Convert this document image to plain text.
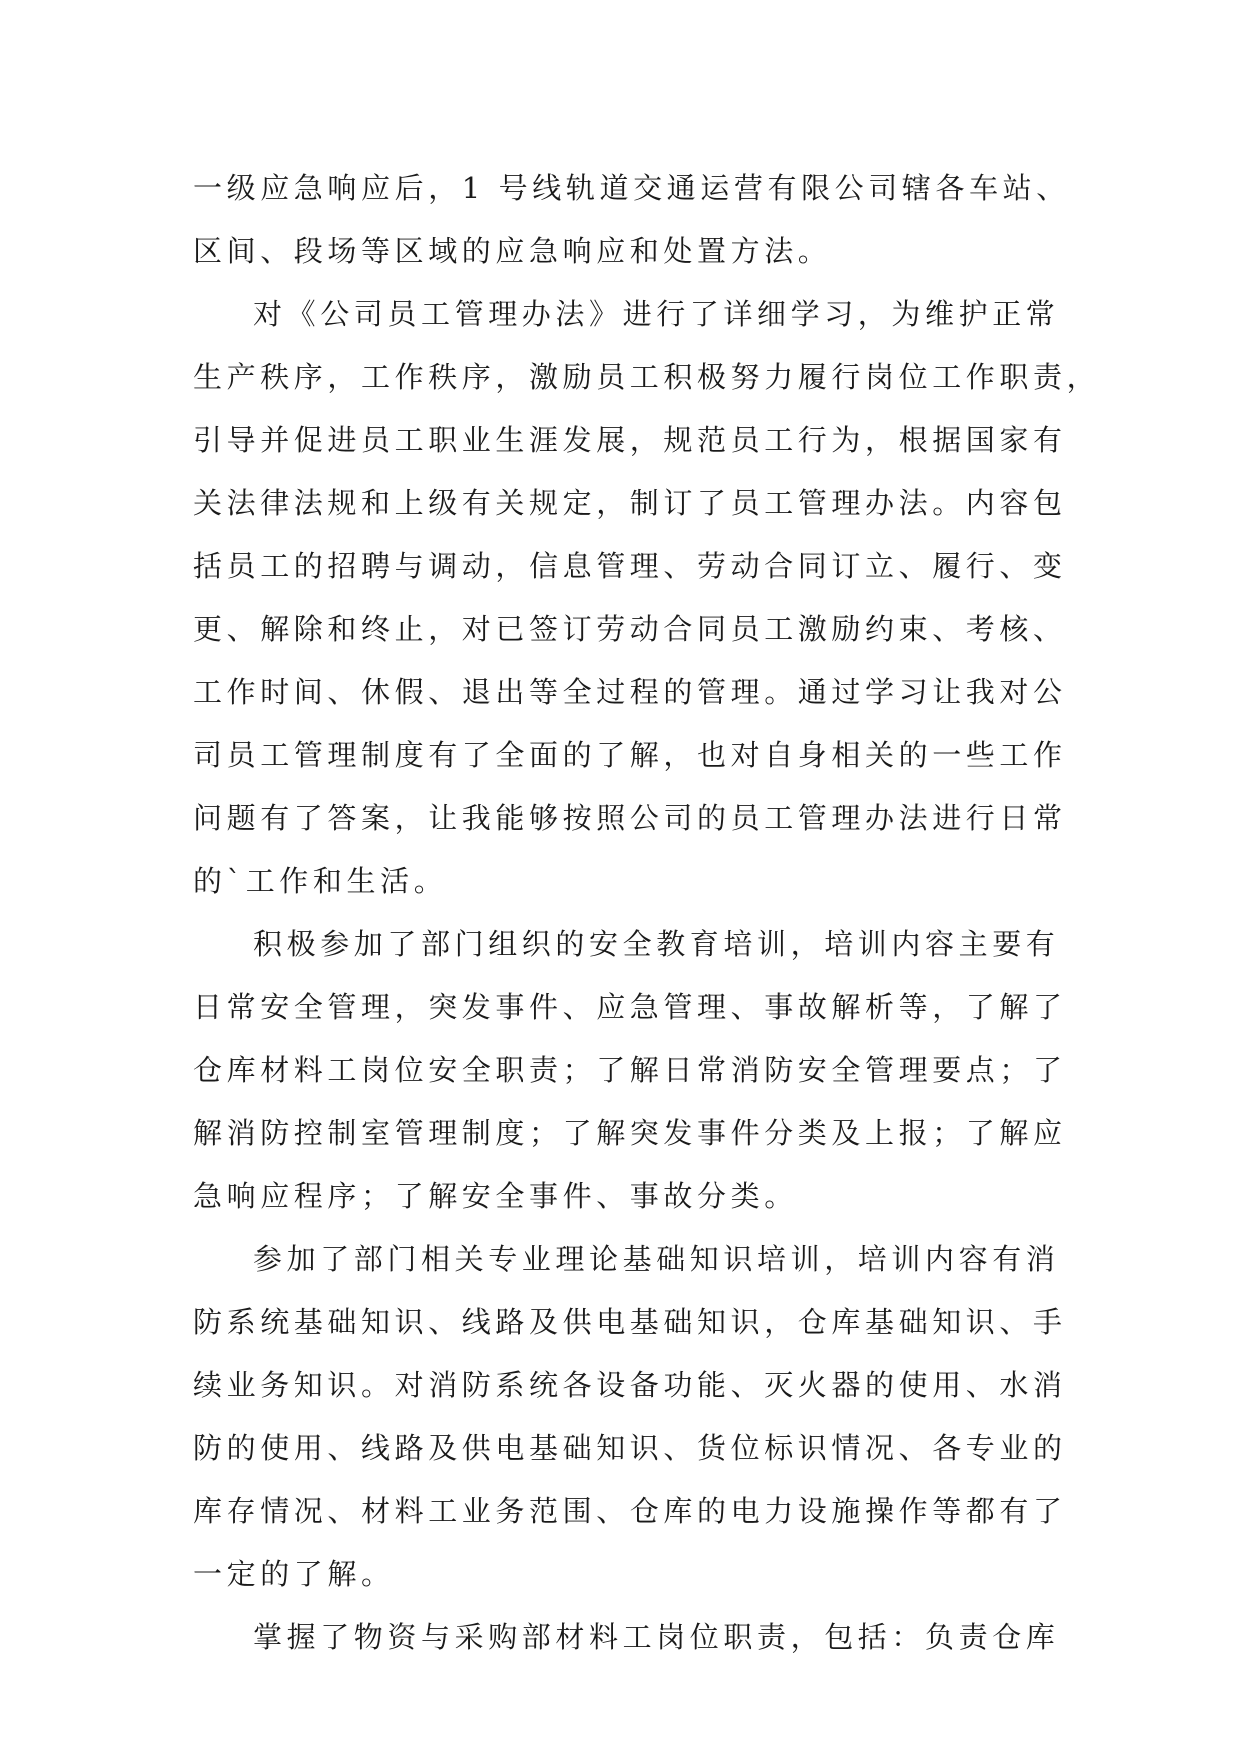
一级应急响应后，1 号线轨道交通运营有限公司辖各车站、
区间、段场等区域的应急响应和处置方法。
对《公司员工管理办法》进行了详细学习，为维护正常
生产秩序，工作秩序，激励员工积极努力履行岗位工作职责，
引导并促进员工职业生涯发展，规范员工行为，根据国家有
关法律法规和上级有关规定，制订了员工管理办法。内容包
括员工的招聘与调动，信息管理、劳动合同订立、履行、变
更、解除和终止，对已签订劳动合同员工激励约束、考核、
工作时间、休假、退出等全过程的管理。通过学习让我对公
司员工管理制度有了全面的了解，也对自身相关的一些工作
问题有了答案，让我能够按照公司的员工管理办法进行日常
的`工作和生活。
积极参加了部门组织的安全教育培训，培训内容主要有
日常安全管理，突发事件、应急管理、事故解析等，了解了
仓库材料工岗位安全职责；了解日常消防安全管理要点；了
解消防控制室管理制度；了解突发事件分类及上报；了解应
急响应程序；了解安全事件、事故分类。
参加了部门相关专业理论基础知识培训，培训内容有消
防系统基础知识、线路及供电基础知识，仓库基础知识、手
续业务知识。对消防系统各设备功能、灭火器的使用、水消
防的使用、线路及供电基础知识、货位标识情况、各专业的
库存情况、材料工业务范围、仓库的电力设施操作等都有了
一定的了解。
掌握了物资与采购部材料工岗位职责，包括：负责仓库
